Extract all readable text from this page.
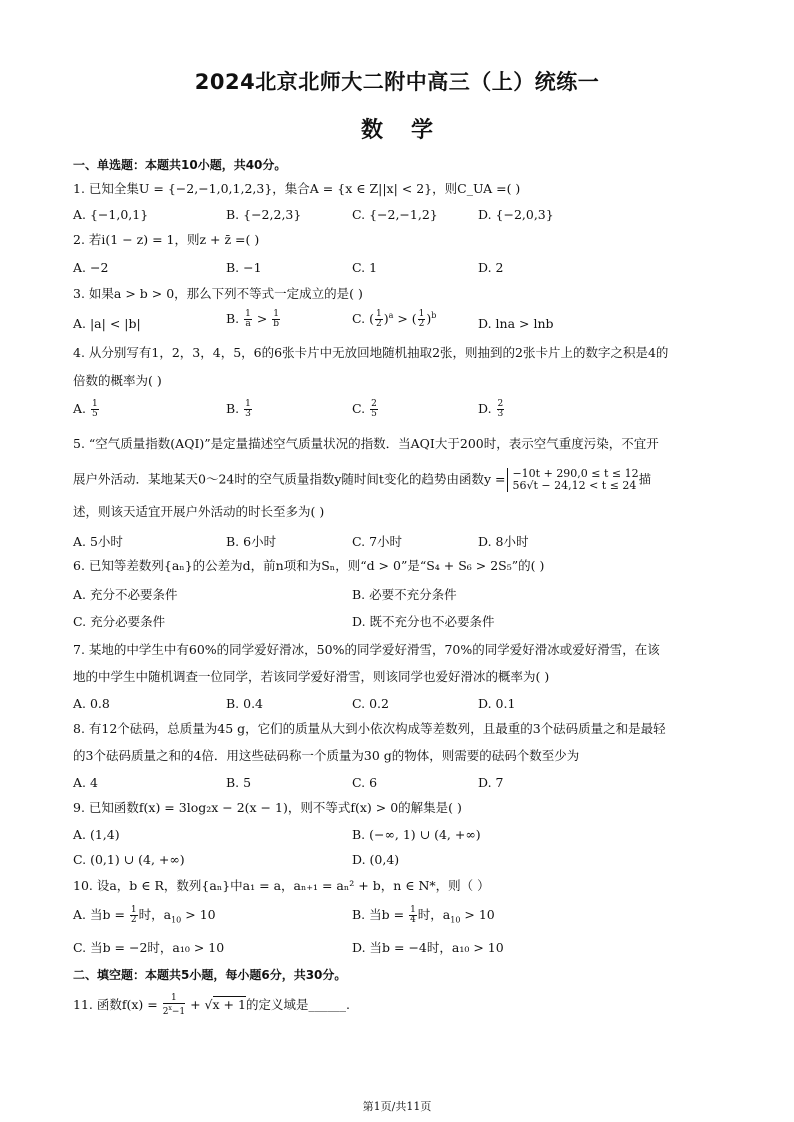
2024北京北师大二附中高三（上）统练一
数学
一、单选题：本题共10小题，共40分。
1. 已知全集U = {−2,−1,0,1,2,3}，集合A = {x ∈ Z||x| < 2}，则C_UA =( )
A. {−1,0,1}	B. {−2,2,3}	C. {−2,−1,2}	D. {−2,0,3}
2. 若i(1 − z) = 1，则z + z̄ =( )
A. −2	B. −1	C. 1	D. 2
3. 如果a > b > 0，那么下列不等式一定成立的是( )
A. |a| < |b|	B. $\frac{1}{a} > \frac{1}{b}$	C. ( $\frac{1}{2} )^a$ > ( $\frac{1}{2} )^b$
D. lna > lnb
4. 从分别写有1，2，3，4，5，6的6张卡片中无放回地随机抽取2张，则抽到的2张卡片上的数字之积是4的
倍数的概率为( )
A. $\frac{1}{5}$	B. $\frac{1}{3}$	C. $\frac{2}{5}$	D. $\frac{2}{3}$
5. “空气质量指数(AQI)”是定量描述空气质量状况的指数．当AQI大于200时，表示空气重度污染，不宜开
展户外活动．某地某天0～24时的空气质量指数y随时间t变化的趋势由函数y = −10t + 290,0 ≤ t ≤ 12
56√t − 24,12 < t ≤ 24 描
述，则该天适宜开展户外活动的时长至多为( )
A. 5小时	B. 6小时	C. 7小时	D. 8小时
6. 已知等差数列{aₙ}的公差为d，前n项和为Sₙ，则“d > 0”是“S₄ + S₆ > 2S₅”的( )
A. 充分不必要条件	B. 必要不充分条件
C. 充分必要条件	D. 既不充分也不必要条件
7. 某地的中学生中有60%的同学爱好滑冰，50%的同学爱好滑雪，70%的同学爱好滑冰或爱好滑雪，在该
地的中学生中随机调查一位同学，若该同学爱好滑雪，则该同学也爱好滑冰的概率为( )
A. 0.8	B. 0.4	C. 0.2	D. 0.1
8. 有12个砝码，总质量为45 g，它们的质量从大到小依次构成等差数列，且最重的3个砝码质量之和是最轻
的3个砝码质量之和的4倍．用这些砝码称一个质量为30 g的物体，则需要的砝码个数至少为
A. 4	B. 5	C. 6	D. 7
9. 已知函数f(x) = 3log₂x − 2(x − 1)，则不等式f(x) > 0的解集是( )
A. (1,4)	B. (−∞, 1) ∪ (4, +∞)
C. (0,1) ∪ (4, +∞)	D. (0,4)
10. 设a，b ∈ R，数列{aₙ}中a₁ = a，aₙ₊₁ = aₙ² + b，n ∈ N*，则（ ）
A. 当$b = \frac{1}{2}$ 时，$a_{10} > 10$	B. 当$b = \frac{1}{4}$ 时，$a_{10} > 10$
C. 当b = −2时，a₁₀ > 10	D. 当b = −4时，a₁₀ > 10
二、填空题：本题共5小题，每小题6分，共30分。
11. 函数$f(x) = \frac{1}{2^x-1} + √x + 1$的定义域是______.
第1页/共11页
